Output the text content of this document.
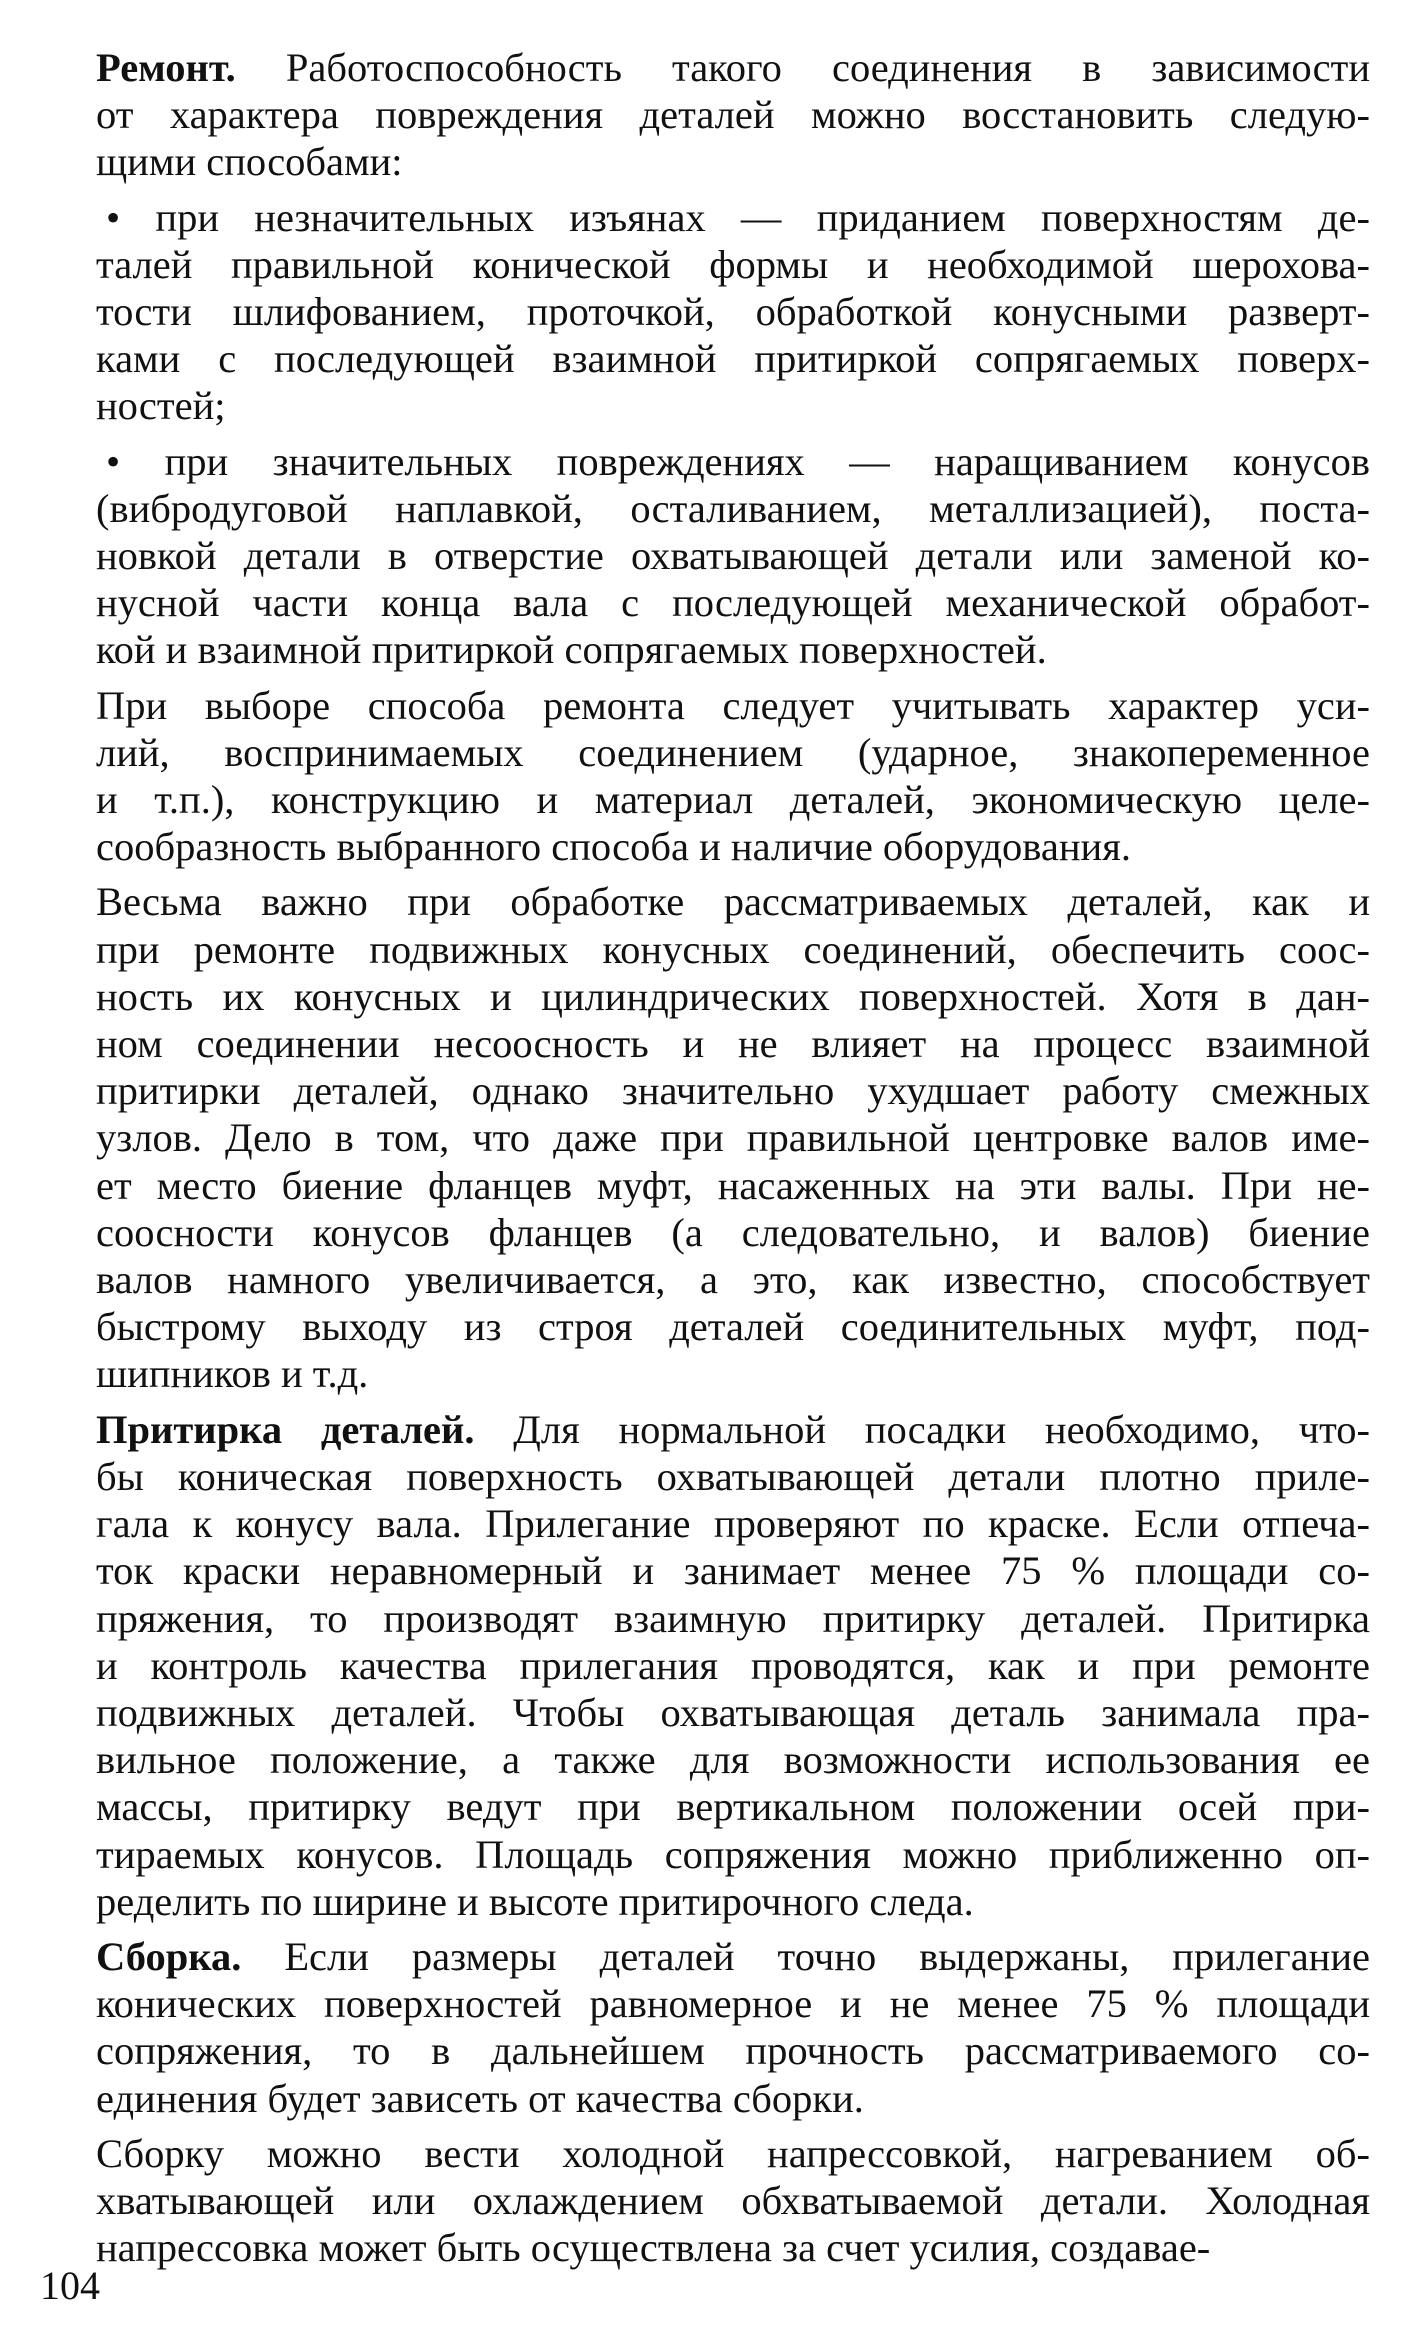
Ремонт. Работоспособность такого соединения в зависимости
от характера повреждения деталей можно восстановить следую-
щими способами:

• при незначительных изъянах — приданием поверхностям де-
талей правильной конической формы и необходимой шерохова-
тости шлифованием, проточкой, обработкой конусными разверт-
ками с последующей взаимной притиркой сопрягаемых поверх-
ностей;

• при значительных повреждениях — наращиванием конусов
(вибродуговой наплавкой, осталиванием, металлизацией), поста-
новкой детали в отверстие охватывающей детали или заменой ко-
нусной части конца вала с последующей механической обработ-
кой и взаимной притиркой сопрягаемых поверхностей.

При выборе способа ремонта следует учитывать характер уси-
лий, воспринимаемых соединением (ударное, знакопеременное
и т.п.), конструкцию и материал деталей, экономическую целе-
сообразность выбранного способа и наличие оборудования.

Весьма важно при обработке рассматриваемых деталей, как и
при ремонте подвижных конусных соединений, обеспечить соос-
ность их конусных и цилиндрических поверхностей. Хотя в дан-
ном соединении несоосность и не влияет на процесс взаимной
притирки деталей, однако значительно ухудшает работу смежных
узлов. Дело в том, что даже при правильной центровке валов име-
ет место биение фланцев муфт, насаженных на эти валы. При не-
соосности конусов фланцев (а следовательно, и валов) биение
валов намного увеличивается, а это, как известно, способствует
быстрому выходу из строя деталей соединительных муфт, под-
шипников и т.д.

Притирка деталей. Для нормальной посадки необходимо, что-
бы коническая поверхность охватывающей детали плотно приле-
гала к конусу вала. Прилегание проверяют по краске. Если отпеча-
ток краски неравномерный и занимает менее 75 % площади со-
пряжения, то производят взаимную притирку деталей. Притирка
и контроль качества прилегания проводятся, как и при ремонте
подвижных деталей. Чтобы охватывающая деталь занимала пра-
вильное положение, а также для возможности использования ее
массы, притирку ведут при вертикальном положении осей при-
тираемых конусов. Площадь сопряжения можно приближенно оп-
ределить по ширине и высоте притирочного следа.

Сборка. Если размеры деталей точно выдержаны, прилегание
конических поверхностей равномерное и не менее 75 % площади
сопряжения, то в дальнейшем прочность рассматриваемого со-
единения будет зависеть от качества сборки.

Сборку можно вести холодной напрессовкой, нагреванием об-
хватывающей или охлаждением обхватываемой детали. Холодная
напрессовка может быть осуществлена за счет усилия, создавае-

104
